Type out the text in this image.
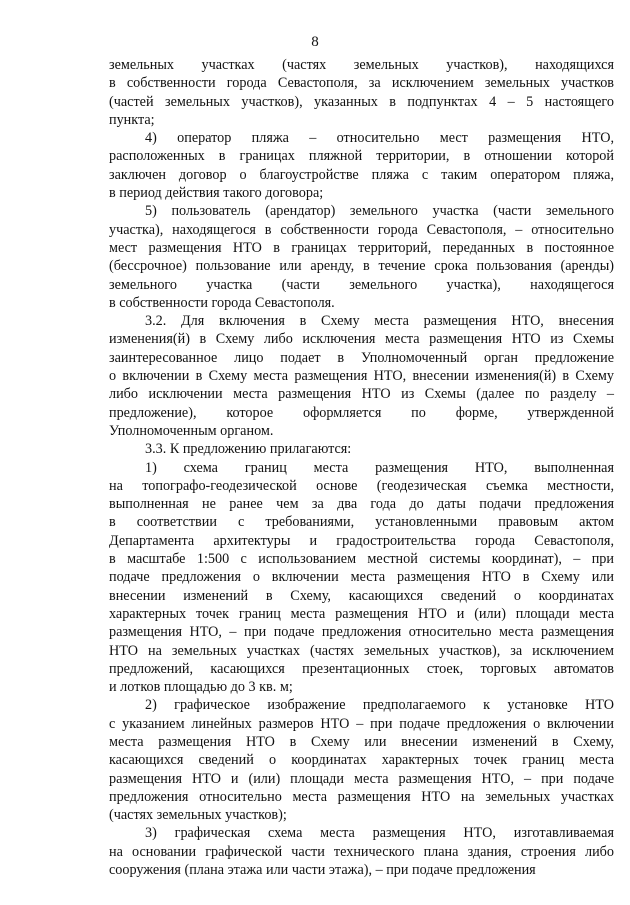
8

земельных участках (частях земельных участков), находящихся
в собственности города Севастополя, за исключением земельных участков
(частей земельных участков), указанных в подпунктах 4 – 5 настоящего
пункта;

4) оператор пляжа – относительно мест размещения НТО,
расположенных в границах пляжной территории, в отношении которой
заключен договор о благоустройстве пляжа с таким оператором пляжа,
в период действия такого договора;

5) пользователь (арендатор) земельного участка (части земельного
участка), находящегося в собственности города Севастополя, – относительно
мест размещения НТО в границах территорий, переданных в постоянное
(бессрочное) пользование или аренду, в течение срока пользования (аренды)
земельного участка (части земельного участка), находящегося
в собственности города Севастополя.

3.2. Для включения в Схему места размещения НТО, внесения
изменения(й) в Схему либо исключения места размещения НТО из Схемы
заинтересованное лицо подает в Уполномоченный орган предложение
о включении в Схему места размещения НТО, внесении изменения(й) в Схему
либо исключении места размещения НТО из Схемы (далее по разделу –
предложение), которое оформляется по форме, утвержденной
Уполномоченным органом.

3.3. К предложению прилагаются:

1) схема границ места размещения НТО, выполненная
на топографо-геодезической основе (геодезическая съемка местности,
выполненная не ранее чем за два года до даты подачи предложения
в соответствии с требованиями, установленными правовым актом
Департамента архитектуры и градостроительства города Севастополя,
в масштабе 1:500 с использованием местной системы координат), – при
подаче предложения о включении места размещения НТО в Схему или
внесении изменений в Схему, касающихся сведений о координатах
характерных точек границ места размещения НТО и (или) площади места
размещения НТО, – при подаче предложения относительно места размещения
НТО на земельных участках (частях земельных участков), за исключением
предложений, касающихся презентационных стоек, торговых автоматов
и лотков площадью до 3 кв. м;

2) графическое изображение предполагаемого к установке НТО
с указанием линейных размеров НТО – при подаче предложения о включении
места размещения НТО в Схему или внесении изменений в Схему,
касающихся сведений о координатах характерных точек границ места
размещения НТО и (или) площади места размещения НТО, – при подаче
предложения относительно места размещения НТО на земельных участках
(частях земельных участков);

3) графическая схема места размещения НТО, изготавливаемая
на основании графической части технического плана здания, строения либо
сооружения (плана этажа или части этажа), – при подаче предложения
